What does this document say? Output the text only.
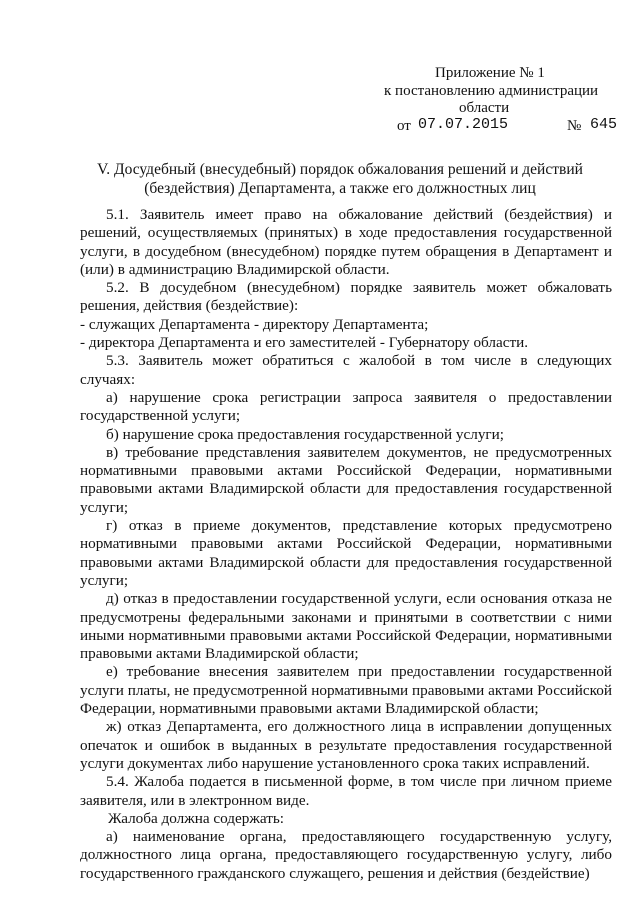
Приложение № 1
к постановлению администрации
области
от 07.07.2015	№ 645
V. Досудебный (внесудебный) порядок обжалования решений и действий
(бездействия) Департамента, а также его должностных лиц

5.1. Заявитель имеет право на обжалование действий (бездействия) и решений, осуществляемых (принятых) в ходе предоставления государственной услуги, в досудебном (внесудебном) порядке путем обращения в Департамент и (или) в администрацию Владимирской области.

5.2. В досудебном (внесудебном) порядке заявитель может обжаловать решения, действия (бездействие):

- служащих Департамента - директору Департамента;

- директора Департамента и его заместителей - Губернатору области.

5.3. Заявитель может обратиться с жалобой в том числе в следующих случаях:

а) нарушение срока регистрации запроса заявителя о предоставлении государственной услуги;

б) нарушение срока предоставления государственной услуги;

в) требование представления заявителем документов, не предусмотренных нормативными правовыми актами Российской Федерации, нормативными правовыми актами Владимирской области для предоставления государственной услуги;

г) отказ в приеме документов, представление которых предусмотрено нормативными правовыми актами Российской Федерации, нормативными правовыми актами Владимирской области для предоставления государственной услуги;

д) отказ в предоставлении государственной услуги, если основания отказа не предусмотрены федеральными законами и принятыми в соответствии с ними иными нормативными правовыми актами Российской Федерации, нормативными правовыми актами Владимирской области;

е) требование внесения заявителем при предоставлении государственной услуги платы, не предусмотренной нормативными правовыми актами Российской Федерации, нормативными правовыми актами Владимирской области;

ж) отказ Департамента, его должностного лица в исправлении допущенных опечаток и ошибок в выданных в результате предоставления государственной услуги документах либо нарушение установленного срока таких исправлений.

5.4. Жалоба подается в письменной форме, в том числе при личном приеме заявителя, или в электронном виде.

Жалоба должна содержать:

а) наименование органа, предоставляющего государственную услугу, должностного лица органа, предоставляющего государственную услугу, либо государственного гражданского служащего, решения и действия (бездействие)
